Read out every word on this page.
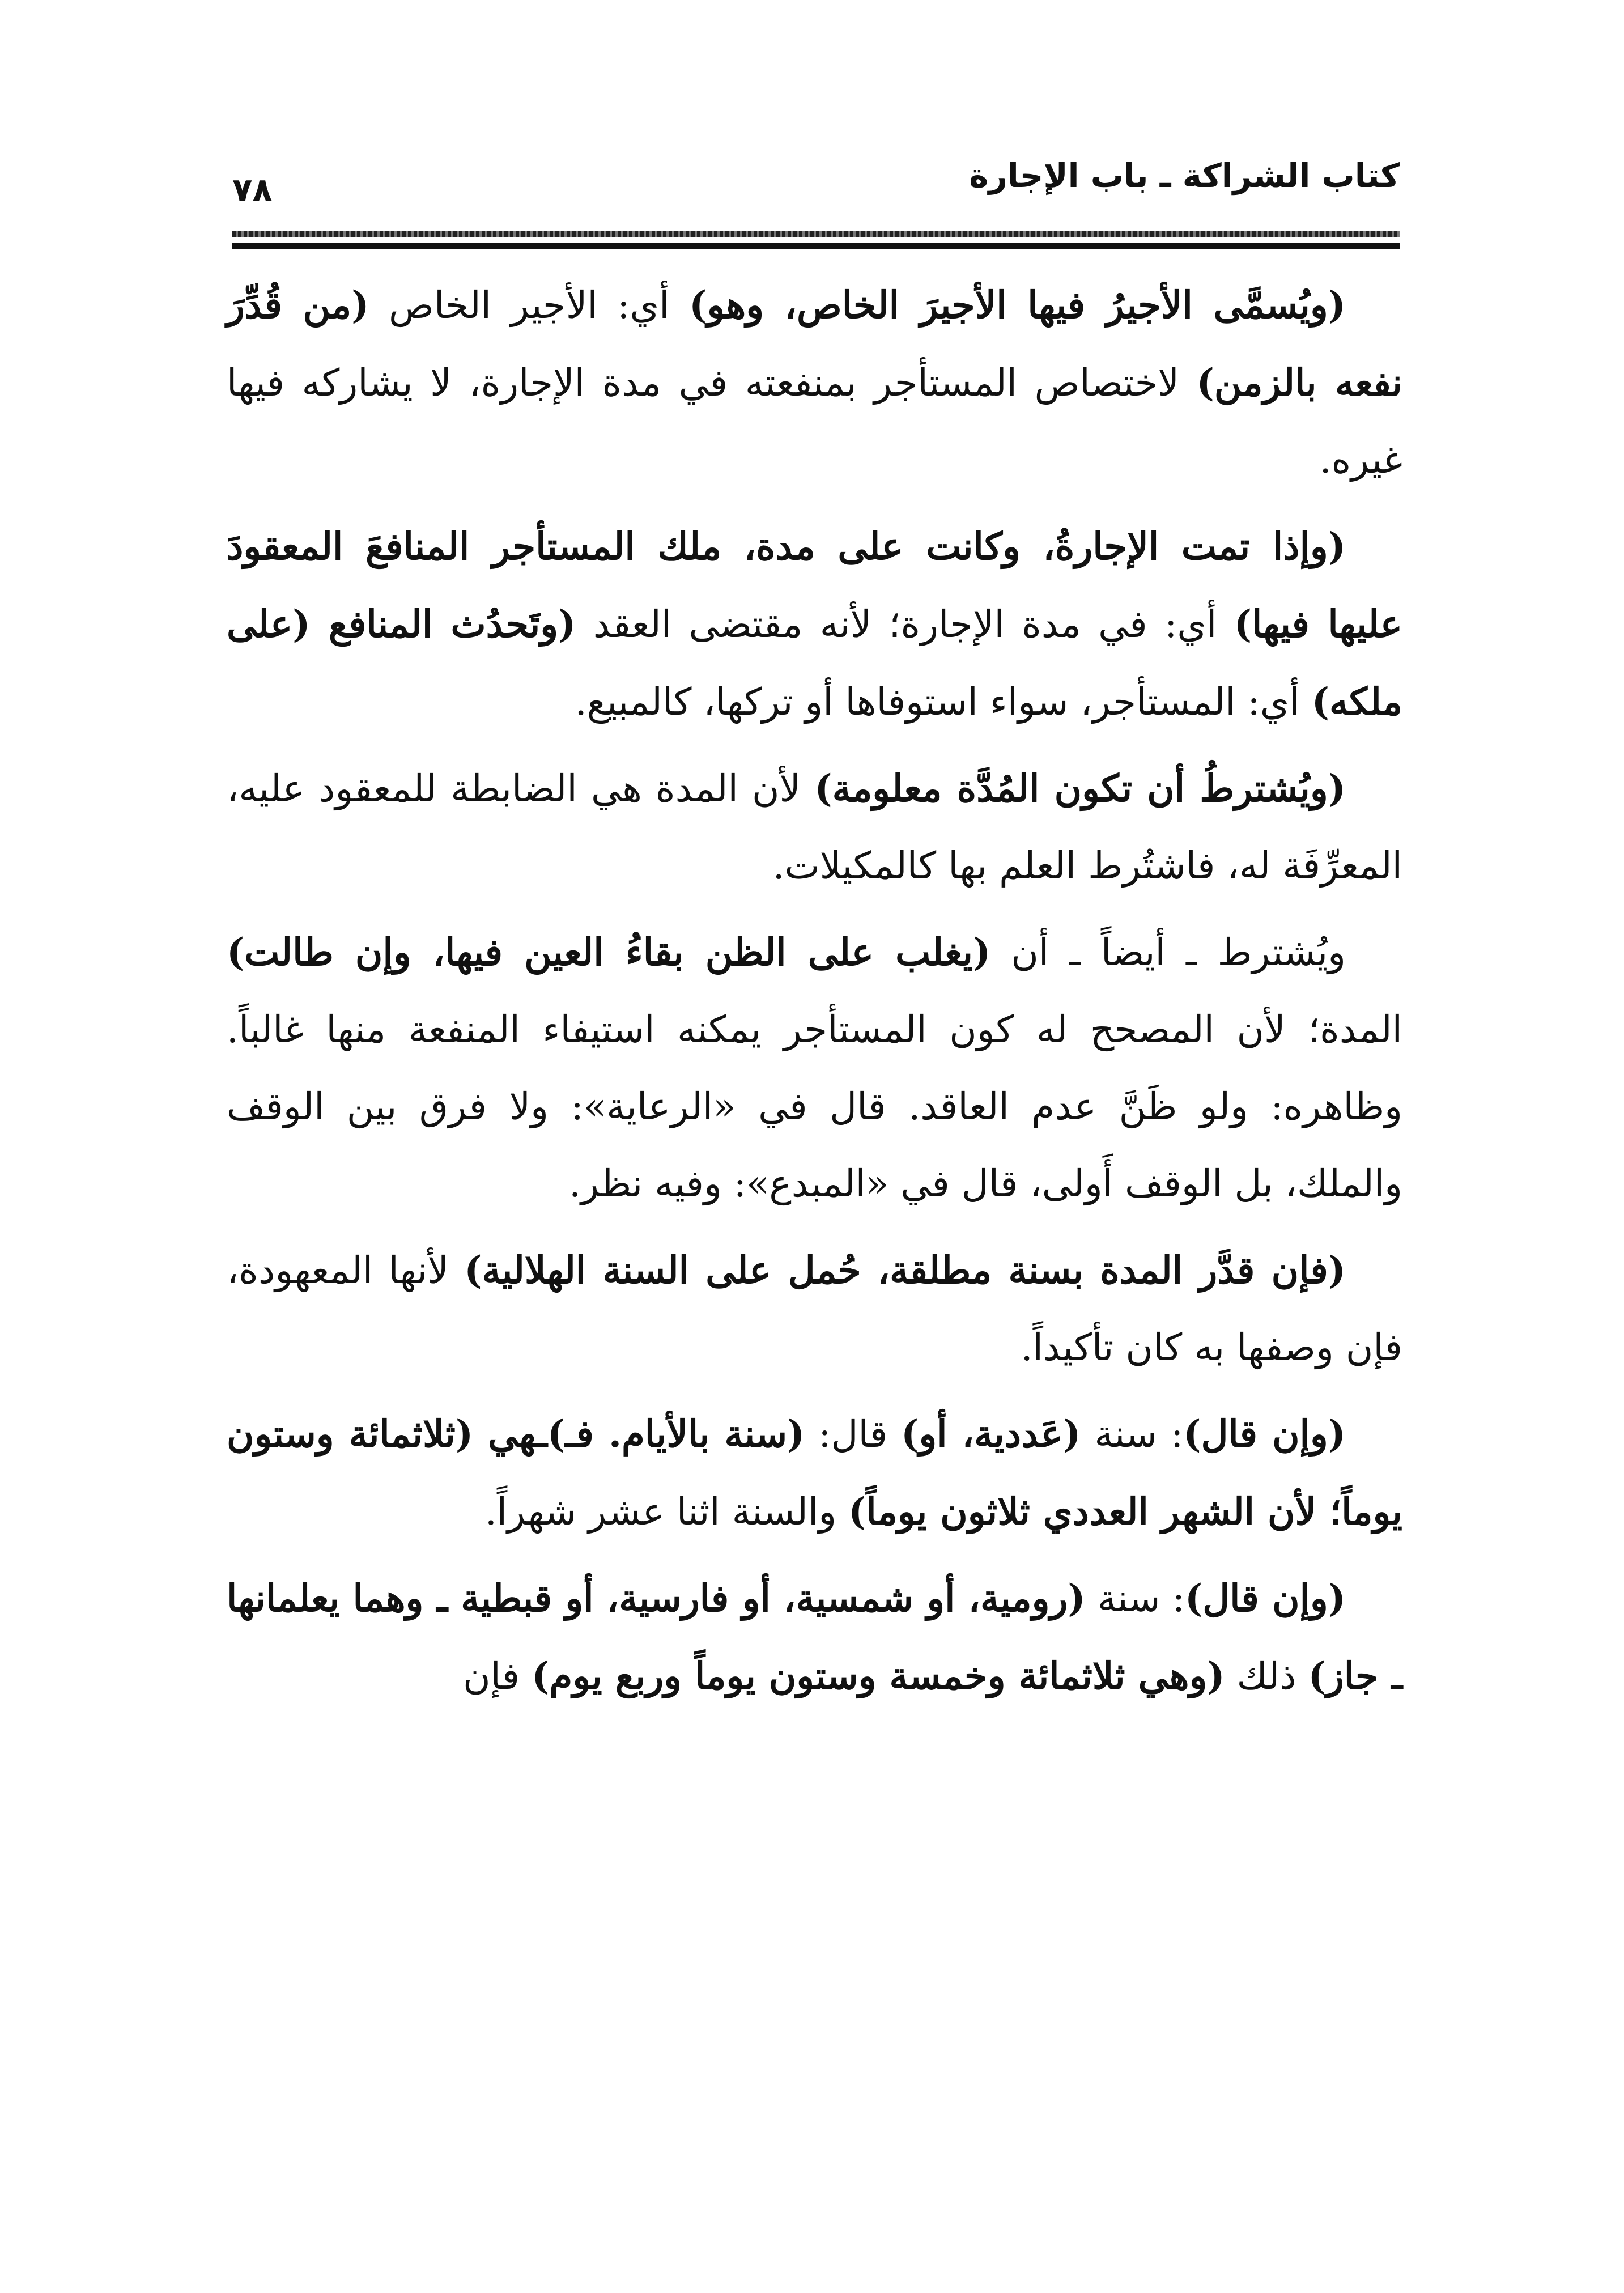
كتاب الشراكة ـ باب الإجارة
٧٨

(ويُسمَّى الأجيرُ فيها الأجيرَ الخاص، وهو) أي: الأجير الخاص (من قُدِّرَ نفعه بالزمن) لاختصاص المستأجر بمنفعته في مدة الإجارة، لا يشاركه فيها غيره.

(وإذا تمت الإجارةُ، وكانت على مدة، ملك المستأجر المنافعَ المعقودَ عليها فيها) أي: في مدة الإجارة؛ لأنه مقتضى العقد (وتَحدُث المنافع (على ملكه) أي: المستأجر، سواء استوفاها أو تركها، كالمبيع.

(ويُشترطُ أن تكون المُدَّة معلومة) لأن المدة هي الضابطة للمعقود عليه، المعرِّفَة له، فاشتُرط العلم بها كالمكيلات.

ويُشترط ـ أيضاً ـ أن (يغلب على الظن بقاءُ العين فيها، وإن طالت) المدة؛ لأن المصحح له كون المستأجر يمكنه استيفاء المنفعة منها غالباً. وظاهره: ولو ظَنَّ عدم العاقد. قال في «الرعاية»: ولا فرق بين الوقف والملك، بل الوقف أَولى، قال في «المبدع»: وفيه نظر.

(فإن قدَّر المدة بسنة مطلقة، حُمل على السنة الهلالية) لأنها المعهودة، فإن وصفها به كان تأكيداً.

(وإن قال): سنة (عَددية، أو) قال: (سنة بالأيام. فـ)ـهي (ثلاثمائة وستون يوماً؛ لأن الشهر العددي ثلاثون يوماً) والسنة اثنا عشر شهراً.

(وإن قال): سنة (رومية، أو شمسية، أو فارسية، أو قبطية ـ وهما يعلمانها ـ جاز) ذلك (وهي ثلاثمائة وخمسة وستون يوماً وربع يوم) فإن
